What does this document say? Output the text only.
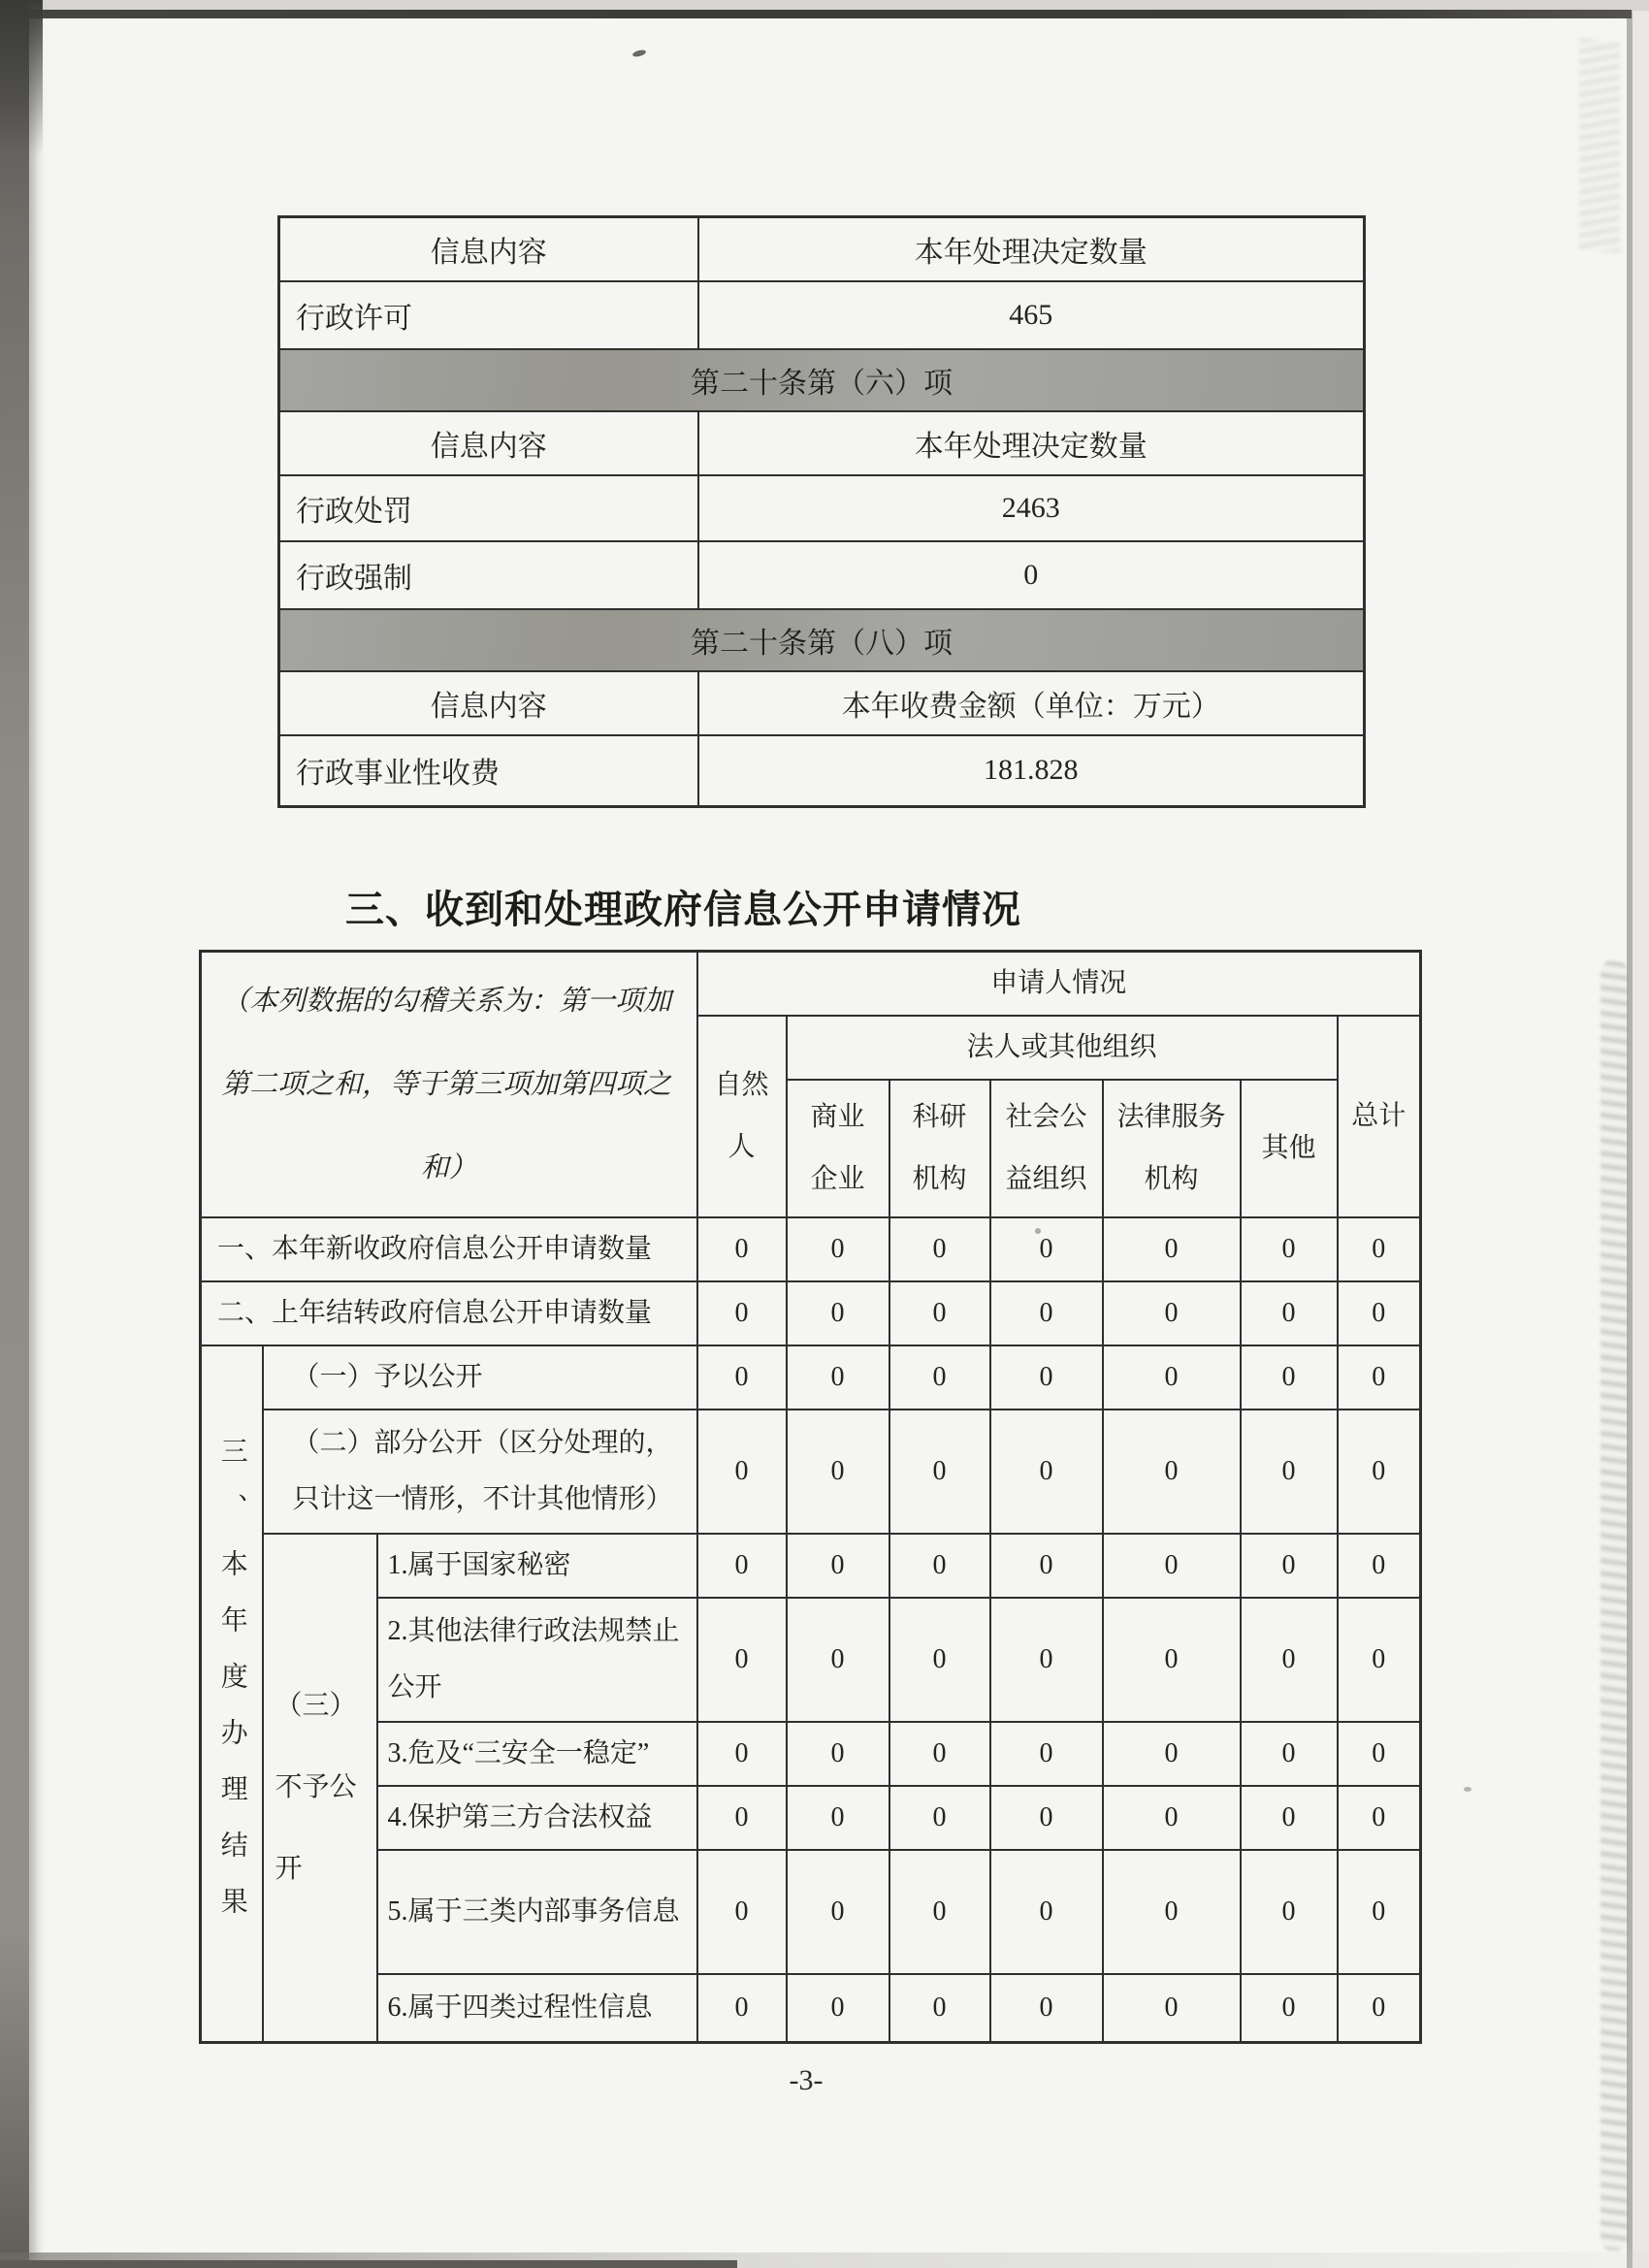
信息内容	本年处理决定数量
行政许可	465
第二十条第（六）项	
信息内容	本年处理决定数量
行政处罚	2463
行政强制	0
第二十条第（八）项	
信息内容	本年收费金额（单位：万元）
行政事业性收费	181.828
三、收到和处理政府信息公开申请情况
（本列数据的勾稽关系为：第一项加
第二项之和，等于第三项加第四项之
和）			申请人情况						
			自然人	法人或其他组织					总计
				商业企业	科研机构	社会公益组织	法律服务机构	其他	
一、本年新收政府信息公开申请数量			0	0	0	0	0	0	0
二、上年结转政府信息公开申请数量			0	0	0	0	0	0	0
三、本年度办理结果	（一）予以公开		0	0	0	0	0	0	0
	（二）部分公开（区分处理的，只计这一情形，不计其他情形）		0	0	0	0	0	0	0
	（三）不予公开	1.属于国家秘密	0	0	0	0	0	0	0
		2.其他法律行政法规禁止公开	0	0	0	0	0	0	0
		3.危及“三安全一稳定”	0	0	0	0	0	0	0
		4.保护第三方合法权益	0	0	0	0	0	0	0
		5.属于三类内部事务信息	0	0	0	0	0	0	0
		6.属于四类过程性信息	0	0	0	0	0	0	0
-3-
